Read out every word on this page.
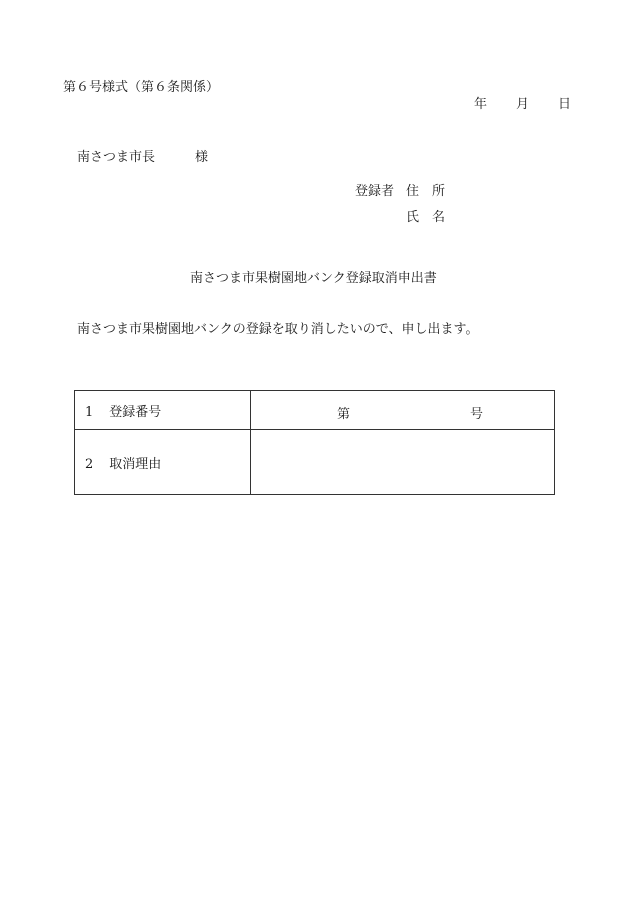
第６号様式（第６条関係）
年 月 日
南さつま市長	様
登録者 住 所
氏 名
南さつま市果樹園地バンク登録取消申出書
南さつま市果樹園地バンクの登録を取り消したいので、申し出ます。
1 登録番号	第 号

2 取消理由	
